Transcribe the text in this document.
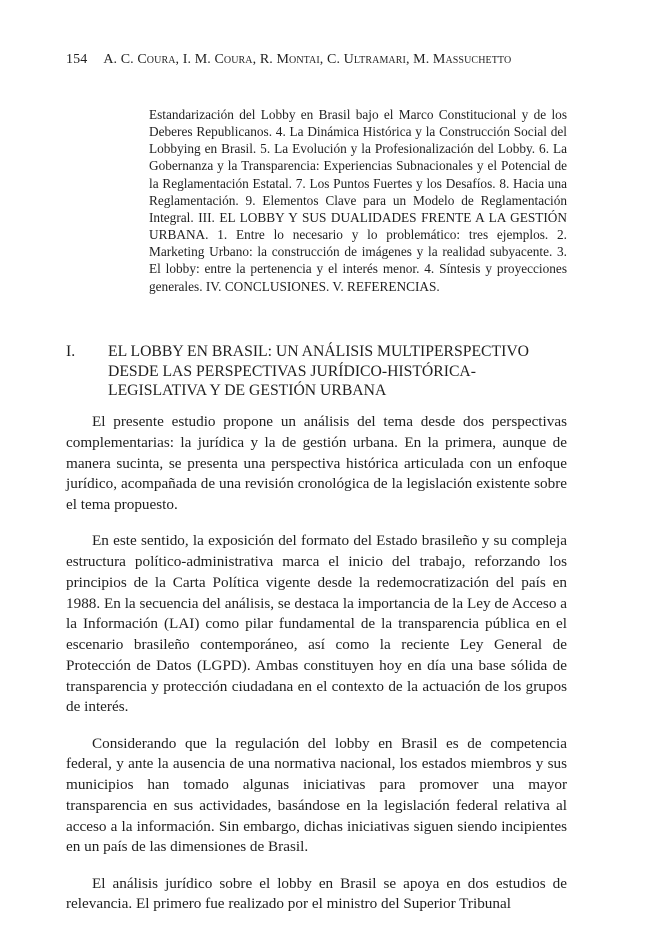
154 A. C. Coura, I. M. Coura, R. Montai, C. Ultramari, M. Massuchetto
Estandarización del Lobby en Brasil bajo el Marco Constitucional y de los Deberes Republicanos. 4. La Dinámica Histórica y la Construcción Social del Lobbying en Brasil. 5. La Evolución y la Profesionalización del Lobby. 6. La Gobernanza y la Transparencia: Experiencias Subnacionales y el Potencial de la Reglamentación Estatal. 7. Los Puntos Fuertes y los Desafíos. 8. Hacia una Reglamentación. 9. Elementos Clave para un Modelo de Reglamentación Integral. III. EL LOBBY Y SUS DUALIDADES FRENTE A LA GESTIÓN URBANA. 1. Entre lo necesario y lo problemático: tres ejemplos. 2. Marketing Urbano: la construcción de imágenes y la realidad subyacente. 3. El lobby: entre la pertenencia y el interés menor. 4. Síntesis y proyecciones generales. IV. CONCLUSIONES. V. REFERENCIAS.
I. EL LOBBY EN BRASIL: UN ANÁLISIS MULTIPERSPECTIVO DESDE LAS PERSPECTIVAS JURÍDICO-HISTÓRICA-LEGISLATIVA Y DE GESTIÓN URBANA

El presente estudio propone un análisis del tema desde dos perspectivas complementarias: la jurídica y la de gestión urbana. En la primera, aunque de manera sucinta, se presenta una perspectiva histórica articulada con un enfoque jurídico, acompañada de una revisión cronológica de la legislación existente sobre el tema propuesto.

En este sentido, la exposición del formato del Estado brasileño y su compleja estructura político-administrativa marca el inicio del trabajo, reforzando los principios de la Carta Política vigente desde la redemocratización del país en 1988. En la secuencia del análisis, se destaca la importancia de la Ley de Acceso a la Información (LAI) como pilar fundamental de la transparencia pública en el escenario brasileño contemporáneo, así como la reciente Ley General de Protección de Datos (LGPD). Ambas constituyen hoy en día una base sólida de transparencia y protección ciudadana en el contexto de la actuación de los grupos de interés.

Considerando que la regulación del lobby en Brasil es de competencia federal, y ante la ausencia de una normativa nacional, los estados miembros y sus municipios han tomado algunas iniciativas para promover una mayor transparencia en sus actividades, basándose en la legislación federal relativa al acceso a la información. Sin embargo, dichas iniciativas siguen siendo incipientes en un país de las dimensiones de Brasil.

El análisis jurídico sobre el lobby en Brasil se apoya en dos estudios de relevancia. El primero fue realizado por el ministro del Superior Tribunal
